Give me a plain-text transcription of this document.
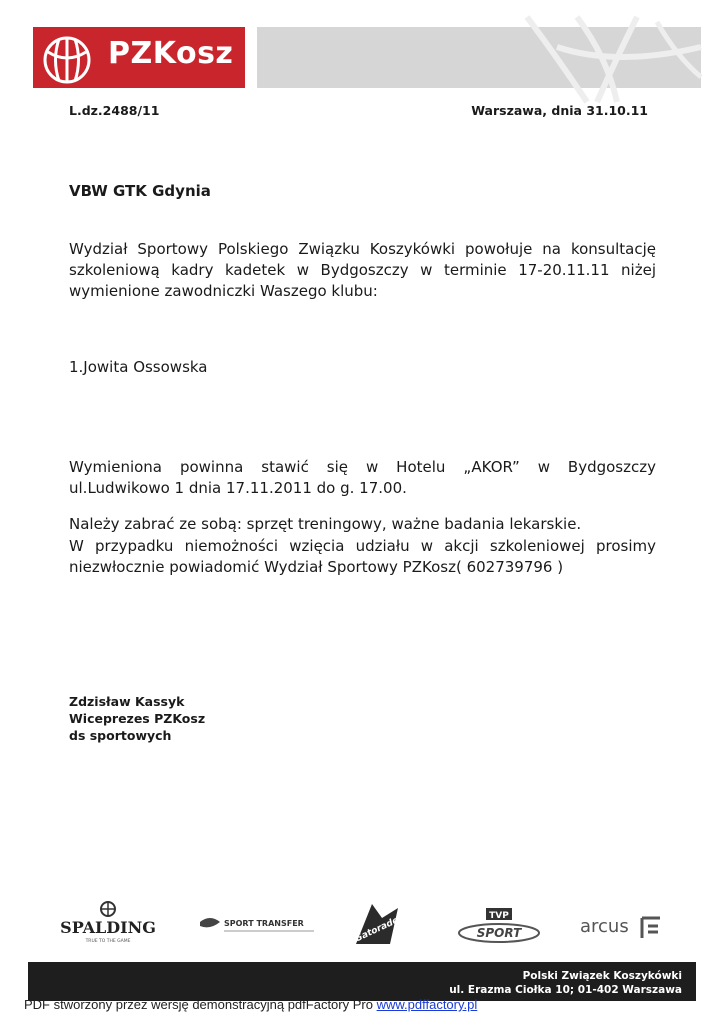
PZKosz
L.dz.2488/11	Warszawa, dnia 31.10.11
VBW GTK Gdynia
Wydział Sportowy Polskiego Związku Koszykówki powołuje na konsultację szkoleniową kadry kadetek w Bydgoszczy w terminie 17-20.11.11 niżej wymienione zawodniczki Waszego klubu:
1.Jowita Ossowska
Wymieniona powinna stawić się w Hotelu „AKOR” w Bydgoszczy ul.Ludwikowo 1 dnia 17.11.2011 do g. 17.00.
Należy zabrać ze sobą: sprzęt treningowy, ważne badania lekarskie.
W przypadku niemożności wzięcia udziału w akcji szkoleniowej prosimy niezwłocznie powiadomić Wydział Sportowy PZKosz( 602739796 )
Zdzisław Kassyk
Wiceprezes PZKosz
ds sportowych
SPALDING
TRUE TO THE GAME
SPORT TRANSFER	Gatorade	TVP
SPORT	arcus
Polski Związek Koszykówki
ul. Erazma Ciołka 10; 01-402 Warszawa
PDF stworzony przez wersję demonstracyjną pdfFactory Pro www.pdffactory.pl
